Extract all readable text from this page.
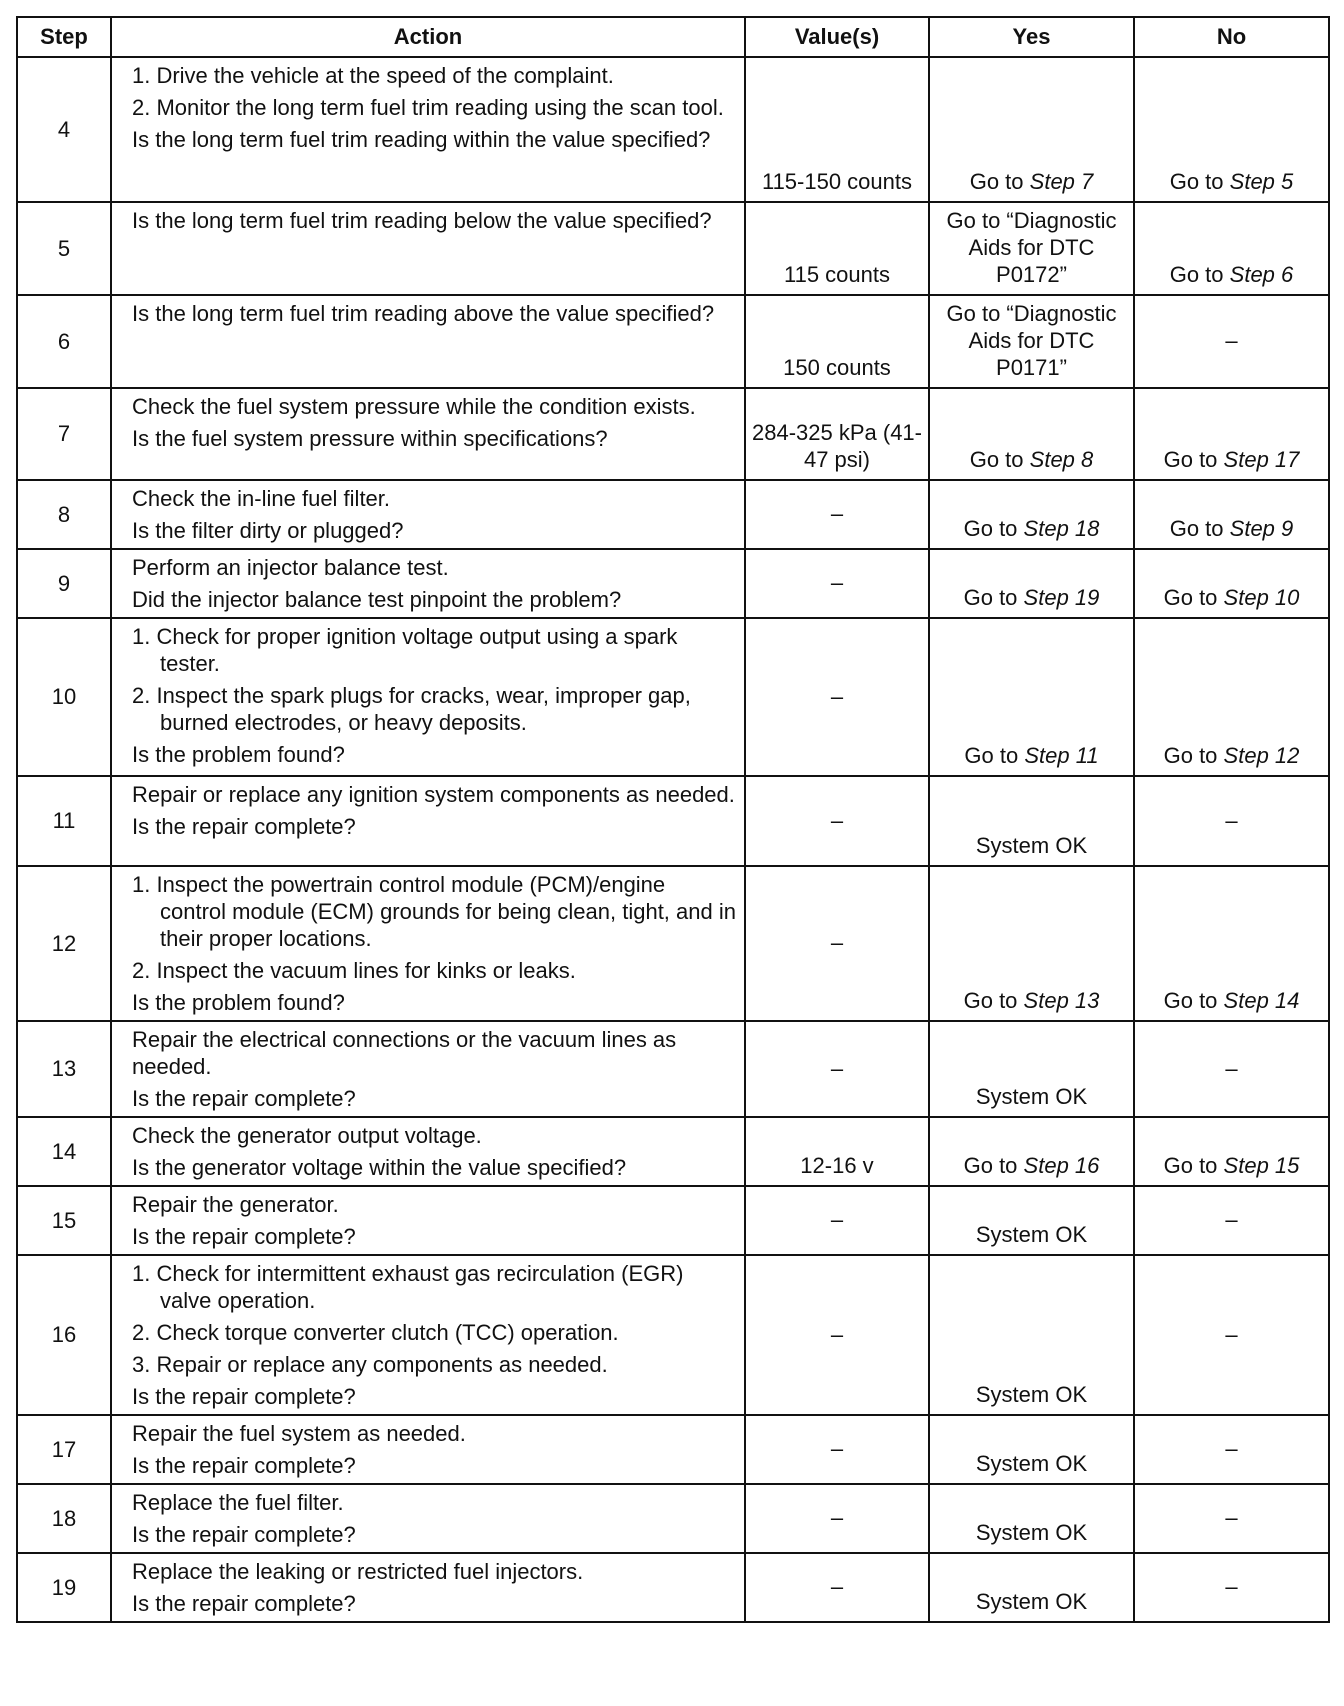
Step	Action	Value(s)	Yes	No
4	1. Drive the vehicle at the speed of the complaint.
2. Monitor the long term fuel trim reading using the scan tool.
Is the long term fuel trim reading within the value specified?	115-150 counts	Go to Step 7	Go to Step 5
5	Is the long term fuel trim reading below the value specified?	115 counts	Go to “Diagnostic Aids for DTC P0172”	Go to Step 6
6	Is the long term fuel trim reading above the value specified?	150 counts	Go to “Diagnostic Aids for DTC P0171”	–
7	Check the fuel system pressure while the condition exists.
Is the fuel system pressure within specifications?	284-325 kPa (41-47 psi)	Go to Step 8	Go to Step 17
8	Check the in-line fuel filter.
Is the filter dirty or plugged?	–	Go to Step 18	Go to Step 9
9	Perform an injector balance test.
Did the injector balance test pinpoint the problem?	–	Go to Step 19	Go to Step 10
10	1. Check for proper ignition voltage output using a spark tester.
2. Inspect the spark plugs for cracks, wear, improper gap, burned electrodes, or heavy deposits.
Is the problem found?	–	Go to Step 11	Go to Step 12
11	Repair or replace any ignition system components as needed.
Is the repair complete?	–	System OK	–
12	1. Inspect the powertrain control module (PCM)/engine control module (ECM) grounds for being clean, tight, and in their proper locations.
2. Inspect the vacuum lines for kinks or leaks.
Is the problem found?	–	Go to Step 13	Go to Step 14
13	Repair the electrical connections or the vacuum lines as needed.
Is the repair complete?	–	System OK	–
14	Check the generator output voltage.
Is the generator voltage within the value specified?	12-16 v	Go to Step 16	Go to Step 15
15	Repair the generator.
Is the repair complete?	–	System OK	–
16	1. Check for intermittent exhaust gas recirculation (EGR) valve operation.
2. Check torque converter clutch (TCC) operation.
3. Repair or replace any components as needed.
Is the repair complete?	–	System OK	–
17	Repair the fuel system as needed.
Is the repair complete?	–	System OK	–
18	Replace the fuel filter.
Is the repair complete?	–	System OK	–
19	Replace the leaking or restricted fuel injectors.
Is the repair complete?	–	System OK	–
